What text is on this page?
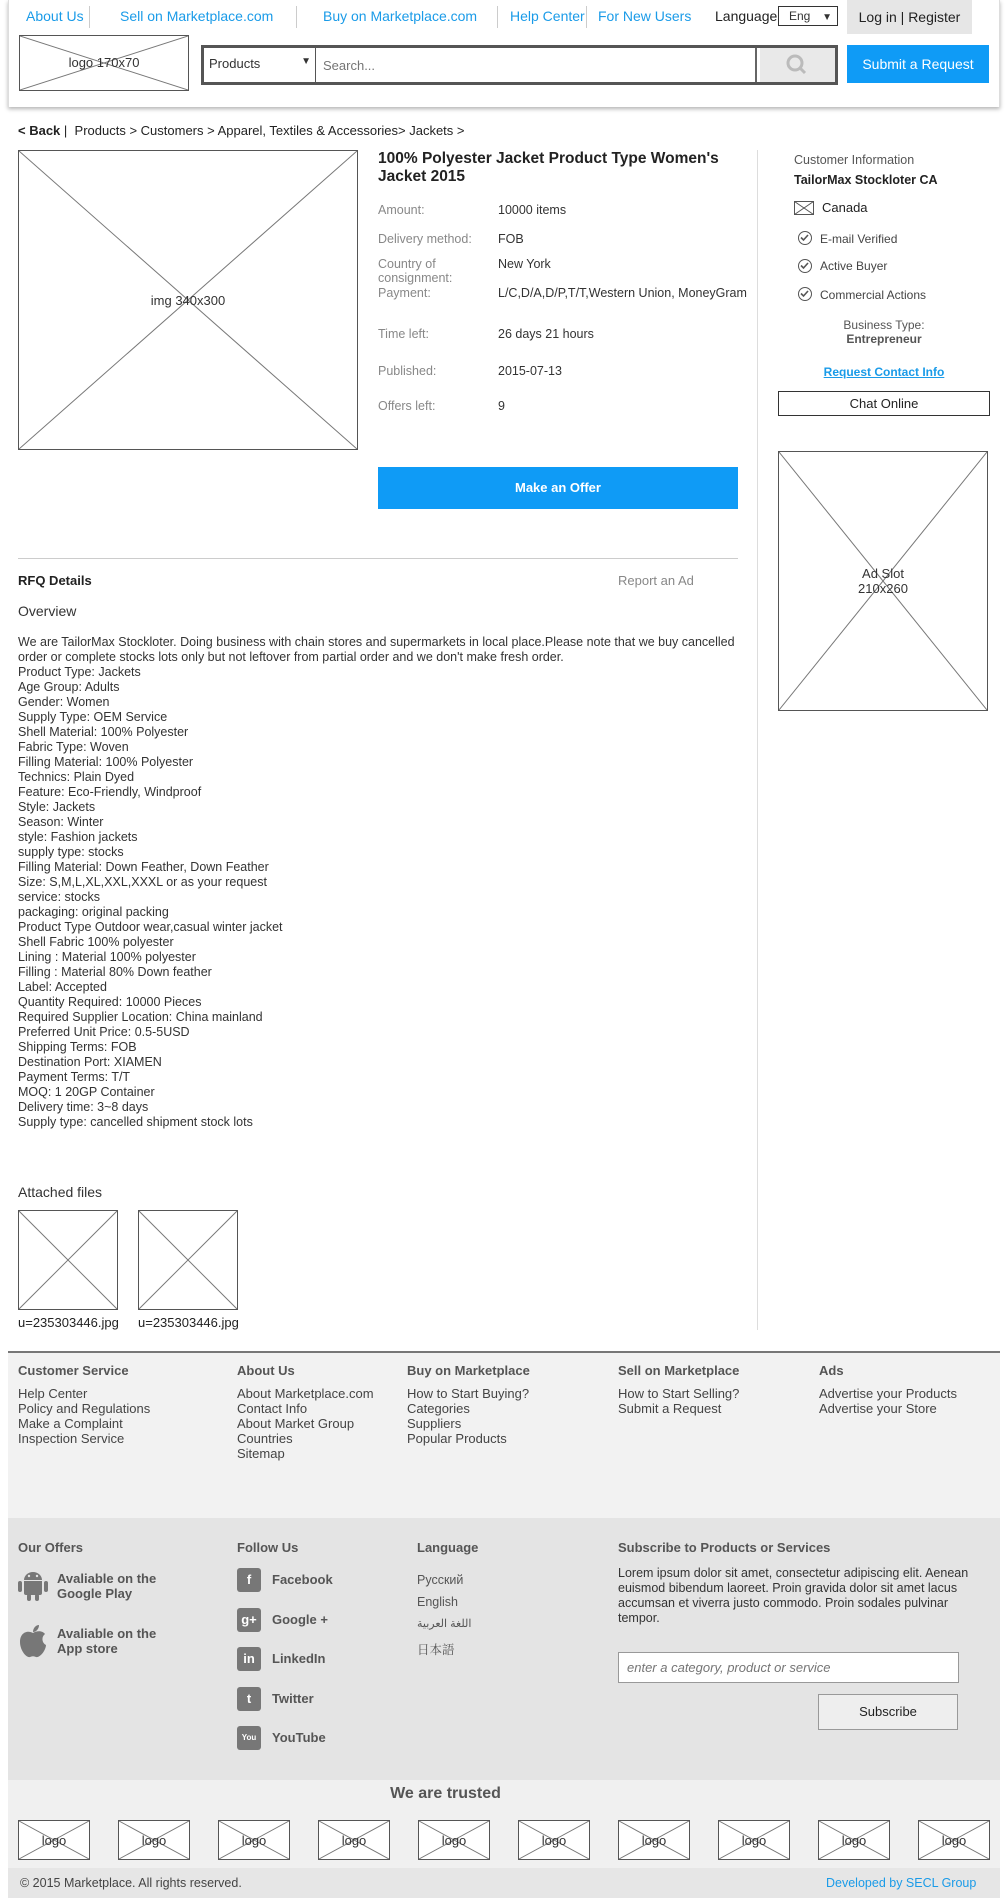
About Us	Sell on Marketplace.com	Buy on Marketplace.com Help Center For New Users Language Eng ▼	Log in | Register
logo 170x70	Products	▼
Search...	Submit a Request
< Back | Products > Customers > Apparel, Textiles & Accessories> Jackets >
img 340x300
100% Polyester Jacket Product Type Women's Jacket 2015
Amount:	10000 items
Delivery method:	FOB
Country of consignment:
New York
Payment:	L/C,D/A,D/P,T/T,Western Union, MoneyGram
Time left:	26 days 21 hours
Published:	2015-07-13
Offers left:	9
Make an Offer
Customer Information
TailorMax Stockloter CA
Canada
E-mail Verified
Active Buyer
Commercial Actions
Business Type:
Entrepreneur
Request Contact Info
Chat Online
Ad Slot
210x260
RFQ Details	Report an Ad
Overview
We are TailorMax Stockloter. Doing business with chain stores and supermarkets in local place.Please note that we buy cancelled order or complete stocks lots only but not leftover from partial order and we don't make fresh order.
Product Type: Jackets
Age Group: Adults
Gender: Women
Supply Type: OEM Service
Shell Material: 100% Polyester
Fabric Type: Woven
Filling Material: 100% Polyester
Technics: Plain Dyed
Feature: Eco-Friendly, Windproof
Style: Jackets
Season: Winter
style: Fashion jackets
supply type: stocks
Filling Material: Down Feather, Down Feather
Size: S,M,L,XL,XXL,XXXL or as your request
service: stocks
packaging: original packing
Product Type Outdoor wear,casual winter jacket
Shell Fabric 100% polyester
Lining : Material 100% polyester
Filling : Material 80% Down feather
Label: Accepted
Quantity Required: 10000 Pieces
Required Supplier Location: China mainland
Preferred Unit Price: 0.5-5USD
Shipping Terms: FOB
Destination Port: XIAMEN
Payment Terms: T/T
MOQ: 1 20GP Container
Delivery time: 3~8 days
Supply type: cancelled shipment stock lots
Attached files
u=235303446.jpg u=235303446.jpg
Customer Service
Help Center
Policy and Regulations
Make a Complaint
Inspection Service
About Us
About Marketplace.com
Contact Info
About Market Group
Countries
Sitemap
Buy on Marketplace
How to Start Buying?
Categories
Suppliers
Popular Products
Sell on Marketplace
How to Start Selling?
Submit a Request
Ads
Advertise your Products
Advertise your Store
Our Offers
Avaliable on the
Google Play
Avaliable on the
App store
Follow Us
f	Facebook
g+	Google +
in	LinkedIn
t	Twitter
You	YouTube
Language
Русский
English
اللغة العربية
日本語
Subscribe to Products or Services
Lorem ipsum dolor sit amet, consectetur adipiscing elit. Aenean euismod bibendum laoreet. Proin gravida dolor sit amet lacus accumsan et viverra justo commodo. Proin sodales pulvinar tempor.
enter a category, product or service
Subscribe
We are trusted
logo	logo	logo	logo	logo	logo	logo	logo	logo	logo
© 2015 Marketplace. All rights reserved.	Developed by SECL Group
